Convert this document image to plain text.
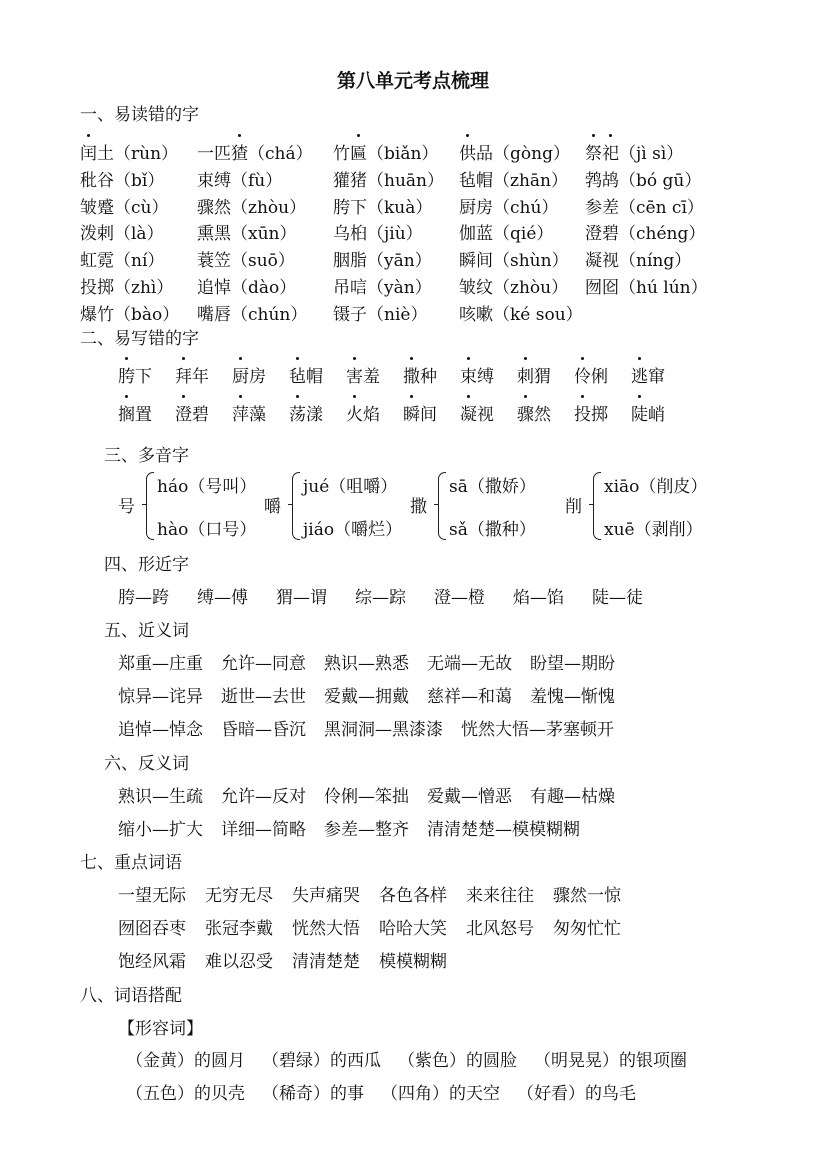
第八单元考点梳理
一、易读错的字
闰土（rùn） 一匹猹（chá） 竹匾（biǎn） 供品（gòng） 祭祀（jì sì）
秕谷（bǐ） 束缚（fù）	獾猪（huān） 毡帽（zhān） 鹁鸪（bó gū）
皱蹙（cù） 骤然（zhòu） 胯下（kuà） 厨房（chú） 参差（cēn cī）
泼剌（là） 熏黑（xūn） 乌桕（jiù） 伽蓝（qié） 澄碧（chéng）
虹霓（ní） 蓑笠（suō） 胭脂（yān） 瞬间（shùn） 凝视（níng）
投掷（zhì） 追悼（dào） 吊唁（yàn） 皱纹（zhòu） 囫囵（hú lún）
爆竹（bào） 嘴唇（chún） 镊子（niè） 咳嗽（ké sou）
二、易写错的字
胯下 拜年 厨房 毡帽 害羞 撒种 束缚 刺猬 伶俐 逃窜
搁置 澄碧 萍藻 荡漾 火焰 瞬间 凝视 骤然 投掷 陡峭
三、多音字
号
háo（号叫）
hào（口号）
嚼
jué（咀嚼）
jiáo（嚼烂）
撒
sā（撒娇）
sǎ（撒种）
削
xiāo（削皮）
xuē（剥削）
四、形近字
胯—跨 缚—傅 猬—谓 综—踪 澄—橙 焰—馅 陡—徒
五、近义词
郑重—庄重 允许—同意 熟识—熟悉 无端—无故 盼望—期盼
惊异—诧异 逝世—去世 爱戴—拥戴 慈祥—和蔼 羞愧—惭愧
追悼—悼念 昏暗—昏沉 黑洞洞—黑漆漆 恍然大悟—茅塞顿开
六、反义词
熟识—生疏 允许—反对 伶俐—笨拙 爱戴—憎恶 有趣—枯燥
缩小—扩大 详细—简略 参差—整齐 清清楚楚—模模糊糊
七、重点词语
一望无际 无穷无尽 失声痛哭 各色各样 来来往往 骤然一惊
囫囵吞枣 张冠李戴 恍然大悟 哈哈大笑 北风怒号 匆匆忙忙
饱经风霜 难以忍受 清清楚楚 模模糊糊
八、词语搭配
【形容词】
（金黄）的圆月 （碧绿）的西瓜 （紫色）的圆脸 （明晃晃）的银项圈
（五色）的贝壳 （稀奇）的事 （四角）的天空 （好看）的鸟毛
